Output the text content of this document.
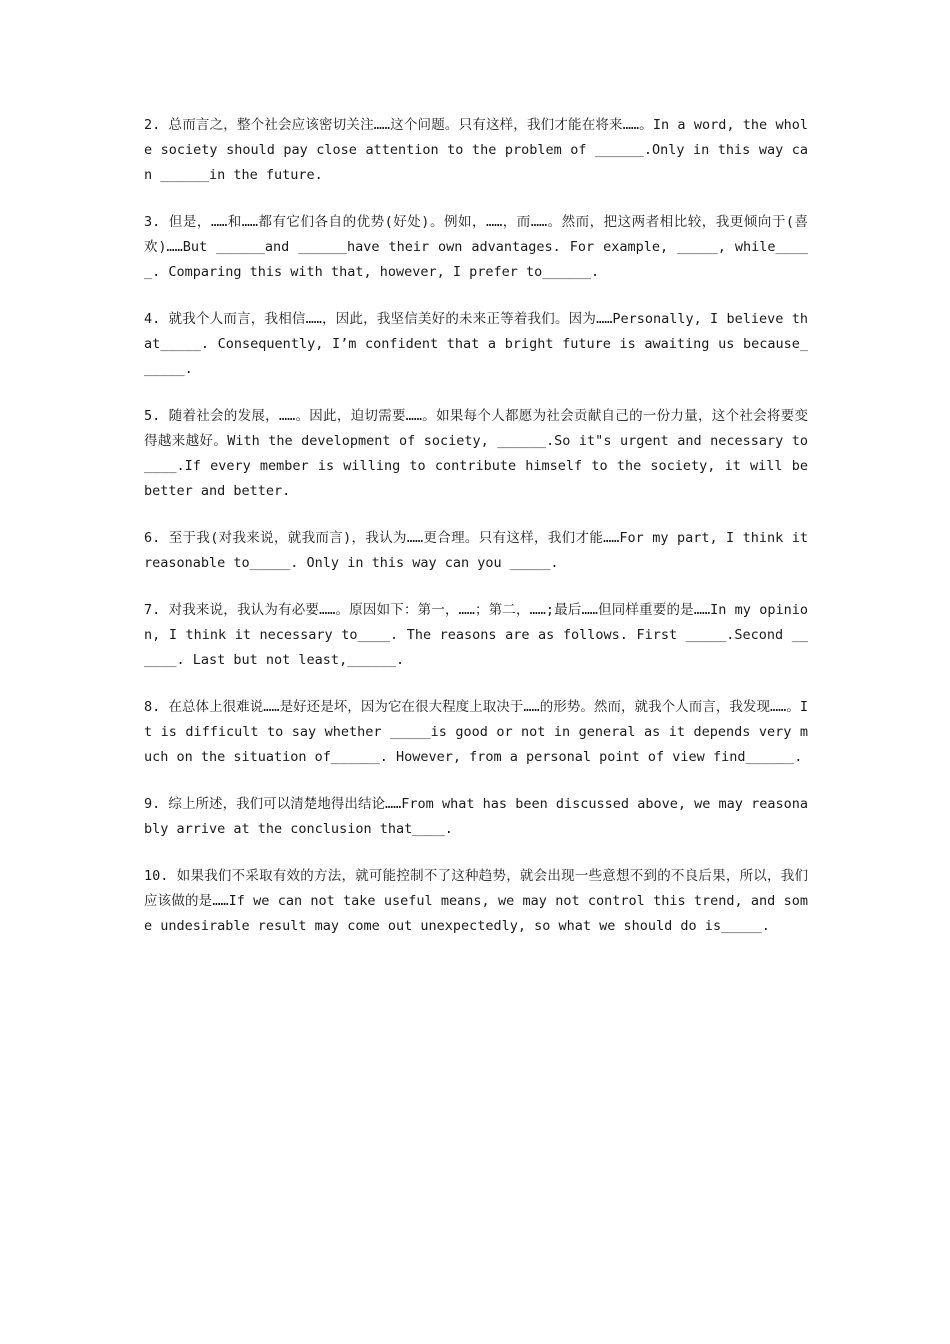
2. 总而言之，整个社会应该密切关注……这个问题。只有这样，我们才能在将来……。In a word, the whole society should pay close attention to the problem of ______.Only in this way can ______in the future.

3. 但是，……和……都有它们各自的优势(好处)。例如，……，而……。然而，把这两者相比较，我更倾向于(喜欢)……But ______and ______have their own advantages. For example, _____, while_____. Comparing this with that, however, I prefer to______.

4. 就我个人而言，我相信……，因此，我坚信美好的未来正等着我们。因为……Personally, I believe that_____. Consequently, I’m confident that a bright future is awaiting us because______.

5. 随着社会的发展，……。因此，迫切需要……。如果每个人都愿为社会贡献自己的一份力量，这个社会将要变得越来越好。With the development of society, ______.So it"s urgent and necessary to ____.If every member is willing to contribute himself to the society, it will be better and better.

6. 至于我(对我来说，就我而言)，我认为……更合理。只有这样，我们才能……For my part, I think it reasonable to_____. Only in this way can you _____.

7. 对我来说，我认为有必要……。原因如下：第一，……；第二，……;最后……但同样重要的是……In my opinion, I think it necessary to____. The reasons are as follows. First _____.Second ______. Last but not least,______.

8. 在总体上很难说……是好还是坏，因为它在很大程度上取决于……的形势。然而，就我个人而言，我发现……。It is difficult to say whether _____is good or not in general as it depends very much on the situation of______. However, from a personal point of view find______.

9. 综上所述，我们可以清楚地得出结论……From what has been discussed above, we may reasonably arrive at the conclusion that____.

10. 如果我们不采取有效的方法，就可能控制不了这种趋势，就会出现一些意想不到的不良后果，所以，我们应该做的是……If we can not take useful means, we may not control this trend, and some undesirable result may come out unexpectedly, so what we should do is_____.
